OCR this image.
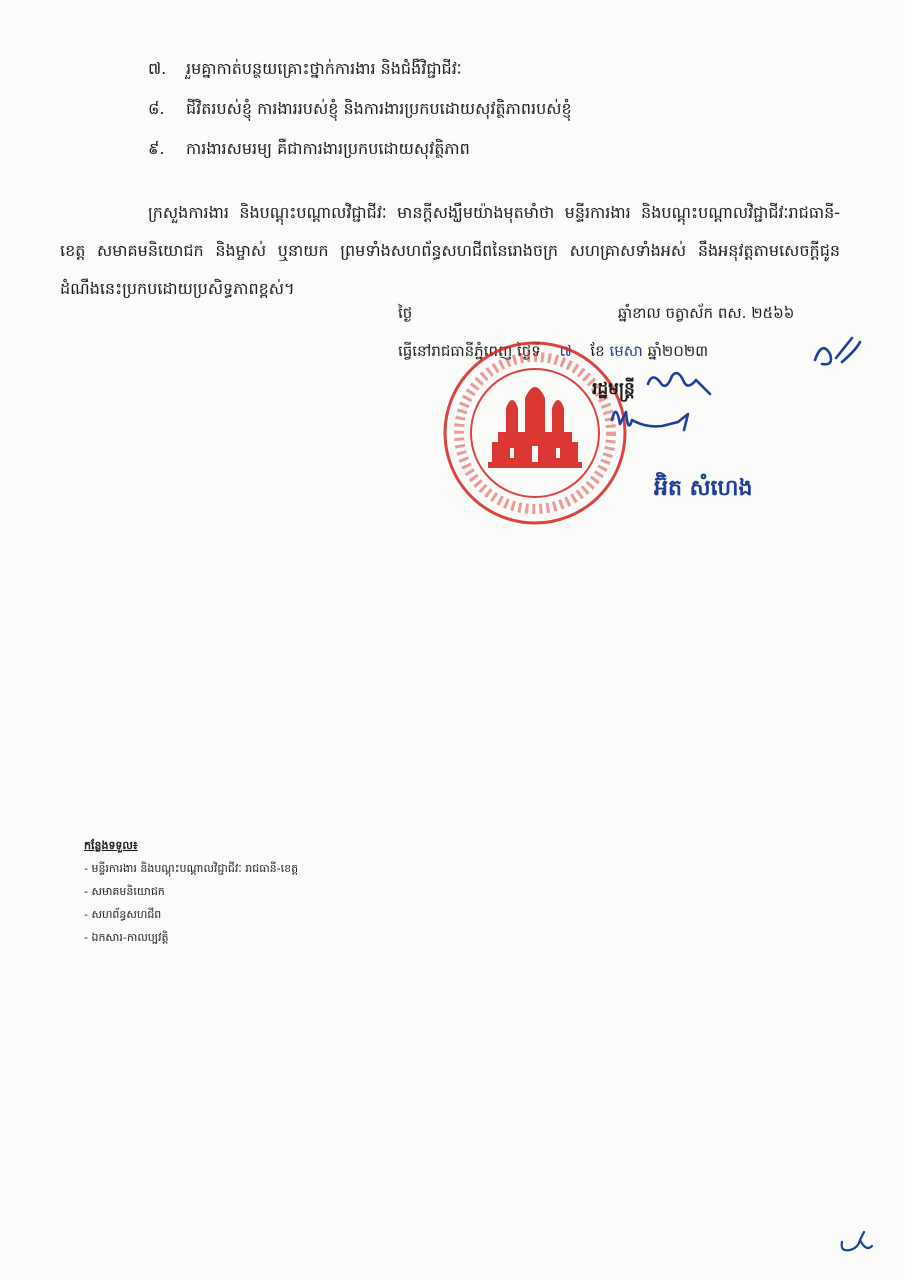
៧.	រួមគ្នាកាត់បន្ថយគ្រោះថ្នាក់ការងារ និងជំងឺវិជ្ជាជីវៈ
៨.	ជីវិតរបស់ខ្ញុំ ការងាររបស់ខ្ញុំ និងការងារប្រកបដោយសុវត្ថិភាពរបស់ខ្ញុំ
៩.	ការងារសមរម្យ គឺជាការងារប្រកបដោយសុវត្ថិភាព

ក្រសួងការងារ និងបណ្តុះបណ្តាលវិជ្ជាជីវៈ មានក្តីសង្ឃឹមយ៉ាងមុតមាំថា មន្ទីរការងារ និងបណ្តុះបណ្តាលវិជ្ជាជីវៈរាជធានី-ខេត្ត សមាគមនិយោជក និងម្ចាស់ ឬនាយក ព្រមទាំងសហព័ន្ធសហជីពនៃរោងចក្រ សហគ្រាសទាំងអស់ នឹងអនុវត្តតាមសេចក្តីជូនដំណឹងនេះប្រកបដោយប្រសិទ្ធភាពខ្ពស់។

ថ្ងៃ	ឆ្នាំខាល ចត្វាស័ក ពស. ២៥៦៦
ធ្វើនៅរាជធានីភ្នំពេញ ថ្ងៃទី ៧ ខែ មេសា ឆ្នាំ២០២៣
រដ្ឋមន្ត្រី
អ៊ិត សំហេង
កន្លែងទទួល៖
- មន្ទីរការងារ និងបណ្តុះបណ្តាលវិជ្ជាជីវៈ រាជធានី-ខេត្ត
- សមាគមនិយោជក
- សហព័ន្ធសហជីព
- ឯកសារ-កាលប្បវត្តិ
